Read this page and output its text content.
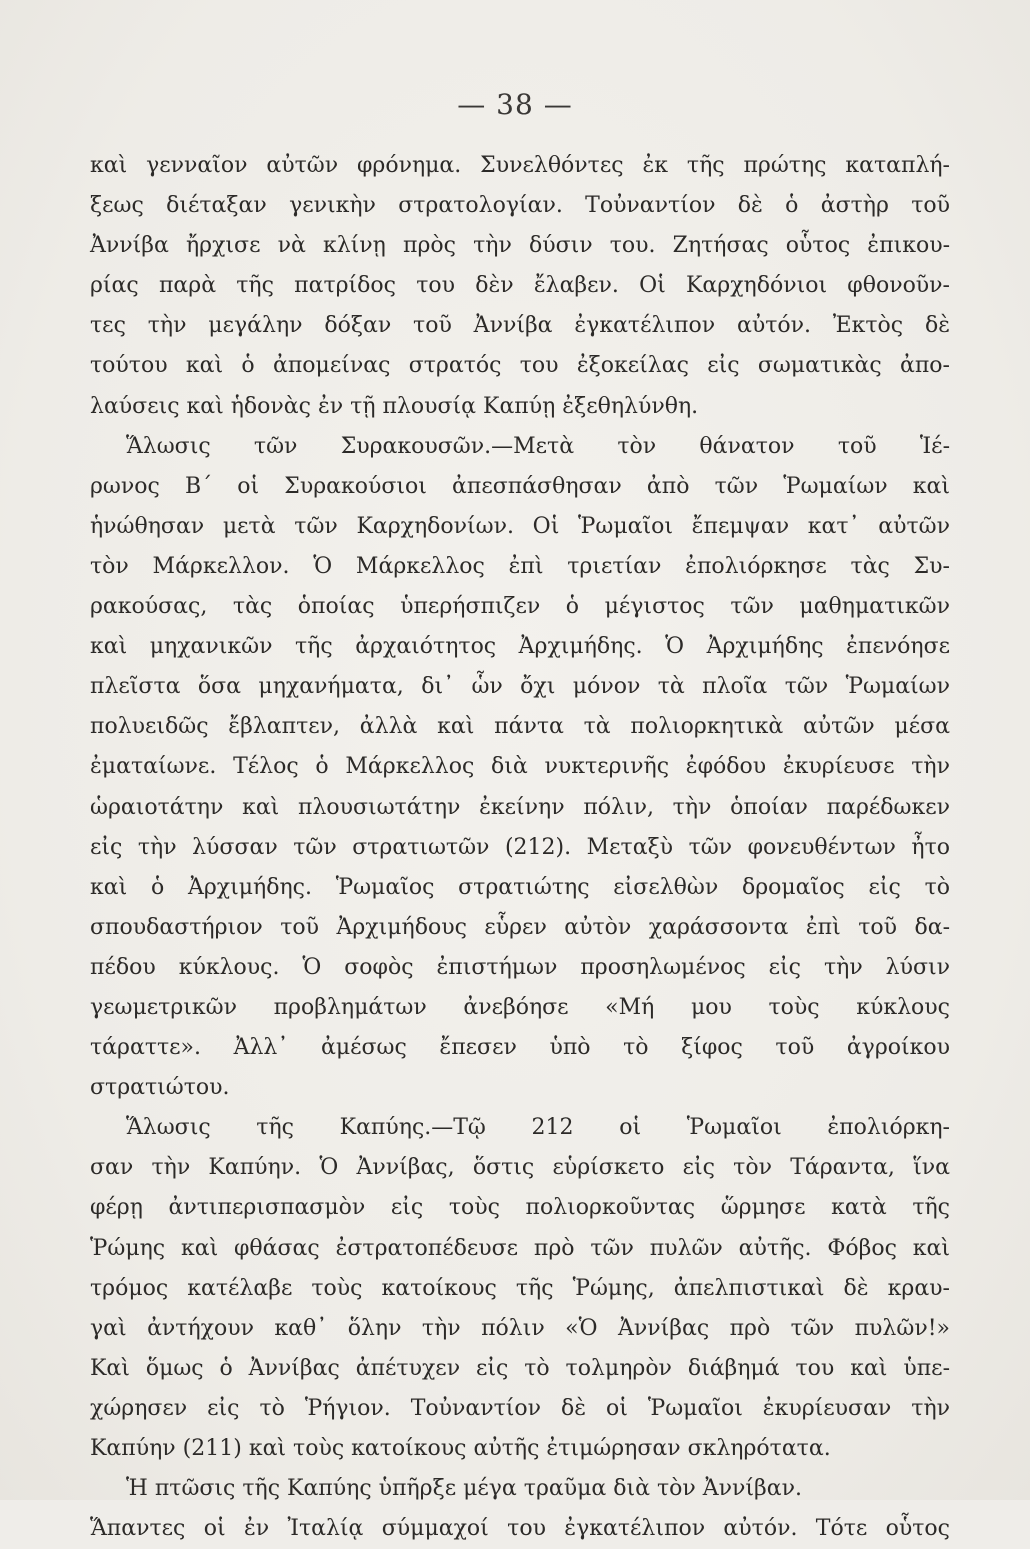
— 38 —
καὶ γενναῖον αὐτῶν φρόνημα. Συνελθόντες ἐκ τῆς πρώτης καταπλή-
ξεως διέταξαν γενικὴν στρατολογίαν. Τοὐναντίον δὲ ὁ ἀστὴρ τοῦ
Ἀννίβα ἤρχισε νὰ κλίνῃ πρὸς τὴν δύσιν του. Ζητήσας οὗτος ἐπικου-
ρίας παρὰ τῆς πατρίδος του δὲν ἔλαβεν. Οἱ Καρχηδόνιοι φθονοῦν-
τες τὴν μεγάλην δόξαν τοῦ Ἀννίβα ἐγκατέλιπον αὐτόν. Ἐκτὸς δὲ
τούτου καὶ ὁ ἀπομείνας στρατός του ἐξοκείλας εἰς σωματικὰς ἀπο-
λαύσεις καὶ ἡδονὰς ἐν τῇ πλουσίᾳ Καπύῃ ἐξεθηλύνθη.
Ἅλωσις τῶν Συρακουσῶν.—Μετὰ τὸν θάνατον τοῦ Ἱέ-
ρωνος Β΄ οἱ Συρακούσιοι ἀπεσπάσθησαν ἀπὸ τῶν Ῥωμαίων καὶ
ἡνώθησαν μετὰ τῶν Καρχηδονίων. Οἱ Ῥωμαῖοι ἔπεμψαν κατ᾽ αὐτῶν
τὸν Μάρκελλον. Ὁ Μάρκελλος ἐπὶ τριετίαν ἐπολιόρκησε τὰς Συ-
ρακούσας, τὰς ὁποίας ὑπερήσπιζεν ὁ μέγιστος τῶν μαθηματικῶν
καὶ μηχανικῶν τῆς ἀρχαιότητος Ἀρχιμήδης. Ὁ Ἀρχιμήδης ἐπενόησε
πλεῖστα ὅσα μηχανήματα, δι᾽ ὧν ὄχι μόνον τὰ πλοῖα τῶν Ῥωμαίων
πολυειδῶς ἔβλαπτεν, ἀλλὰ καὶ πάντα τὰ πολιορκητικὰ αὐτῶν μέσα
ἐματαίωνε. Τέλος ὁ Μάρκελλος διὰ νυκτερινῆς ἐφόδου ἐκυρίευσε τὴν
ὡραιοτάτην καὶ πλουσιωτάτην ἐκείνην πόλιν, τὴν ὁποίαν παρέδωκεν
εἰς τὴν λύσσαν τῶν στρατιωτῶν (212). Μεταξὺ τῶν φονευθέντων ἦτο
καὶ ὁ Ἀρχιμήδης. Ῥωμαῖος στρατιώτης εἰσελθὼν δρομαῖος εἰς τὸ
σπουδαστήριον τοῦ Ἀρχιμήδους εὗρεν αὐτὸν χαράσσοντα ἐπὶ τοῦ δα-
πέδου κύκλους. Ὁ σοφὸς ἐπιστήμων προσηλωμένος εἰς τὴν λύσιν
γεωμετρικῶν προβλημάτων ἀνεβόησε «Μή μου τοὺς κύκλους
τάραττε». Ἀλλ᾽ ἀμέσως ἔπεσεν ὑπὸ τὸ ξίφος τοῦ ἀγροίκου
στρατιώτου.
Ἅλωσις τῆς Καπύης.—Τῷ 212 οἱ Ῥωμαῖοι ἐπολιόρκη-
σαν τὴν Καπύην. Ὁ Ἀννίβας, ὅστις εὑρίσκετο εἰς τὸν Τάραντα, ἵνα
φέρῃ ἀντιπερισπασμὸν εἰς τοὺς πολιορκοῦντας ὥρμησε κατὰ τῆς
Ῥώμης καὶ φθάσας ἐστρατοπέδευσε πρὸ τῶν πυλῶν αὐτῆς. Φόβος καὶ
τρόμος κατέλαβε τοὺς κατοίκους τῆς Ῥώμης, ἀπελπιστικαὶ δὲ κραυ-
γαὶ ἀντήχουν καθ᾽ ὅλην τὴν πόλιν «Ὁ Ἀννίβας πρὸ τῶν πυλῶν!»
Καὶ ὅμως ὁ Ἀννίβας ἀπέτυχεν εἰς τὸ τολμηρὸν διάβημά του καὶ ὑπε-
χώρησεν εἰς τὸ Ῥήγιον. Τοὐναντίον δὲ οἱ Ῥωμαῖοι ἐκυρίευσαν τὴν
Καπύην (211) καὶ τοὺς κατοίκους αὐτῆς ἐτιμώρησαν σκληρότατα.
Ἡ πτῶσις τῆς Καπύης ὑπῆρξε μέγα τραῦμα διὰ τὸν Ἀννίβαν.
Ἅπαντες οἱ ἐν Ἰταλίᾳ σύμμαχοί του ἐγκατέλιπον αὐτόν. Τότε οὗτος
